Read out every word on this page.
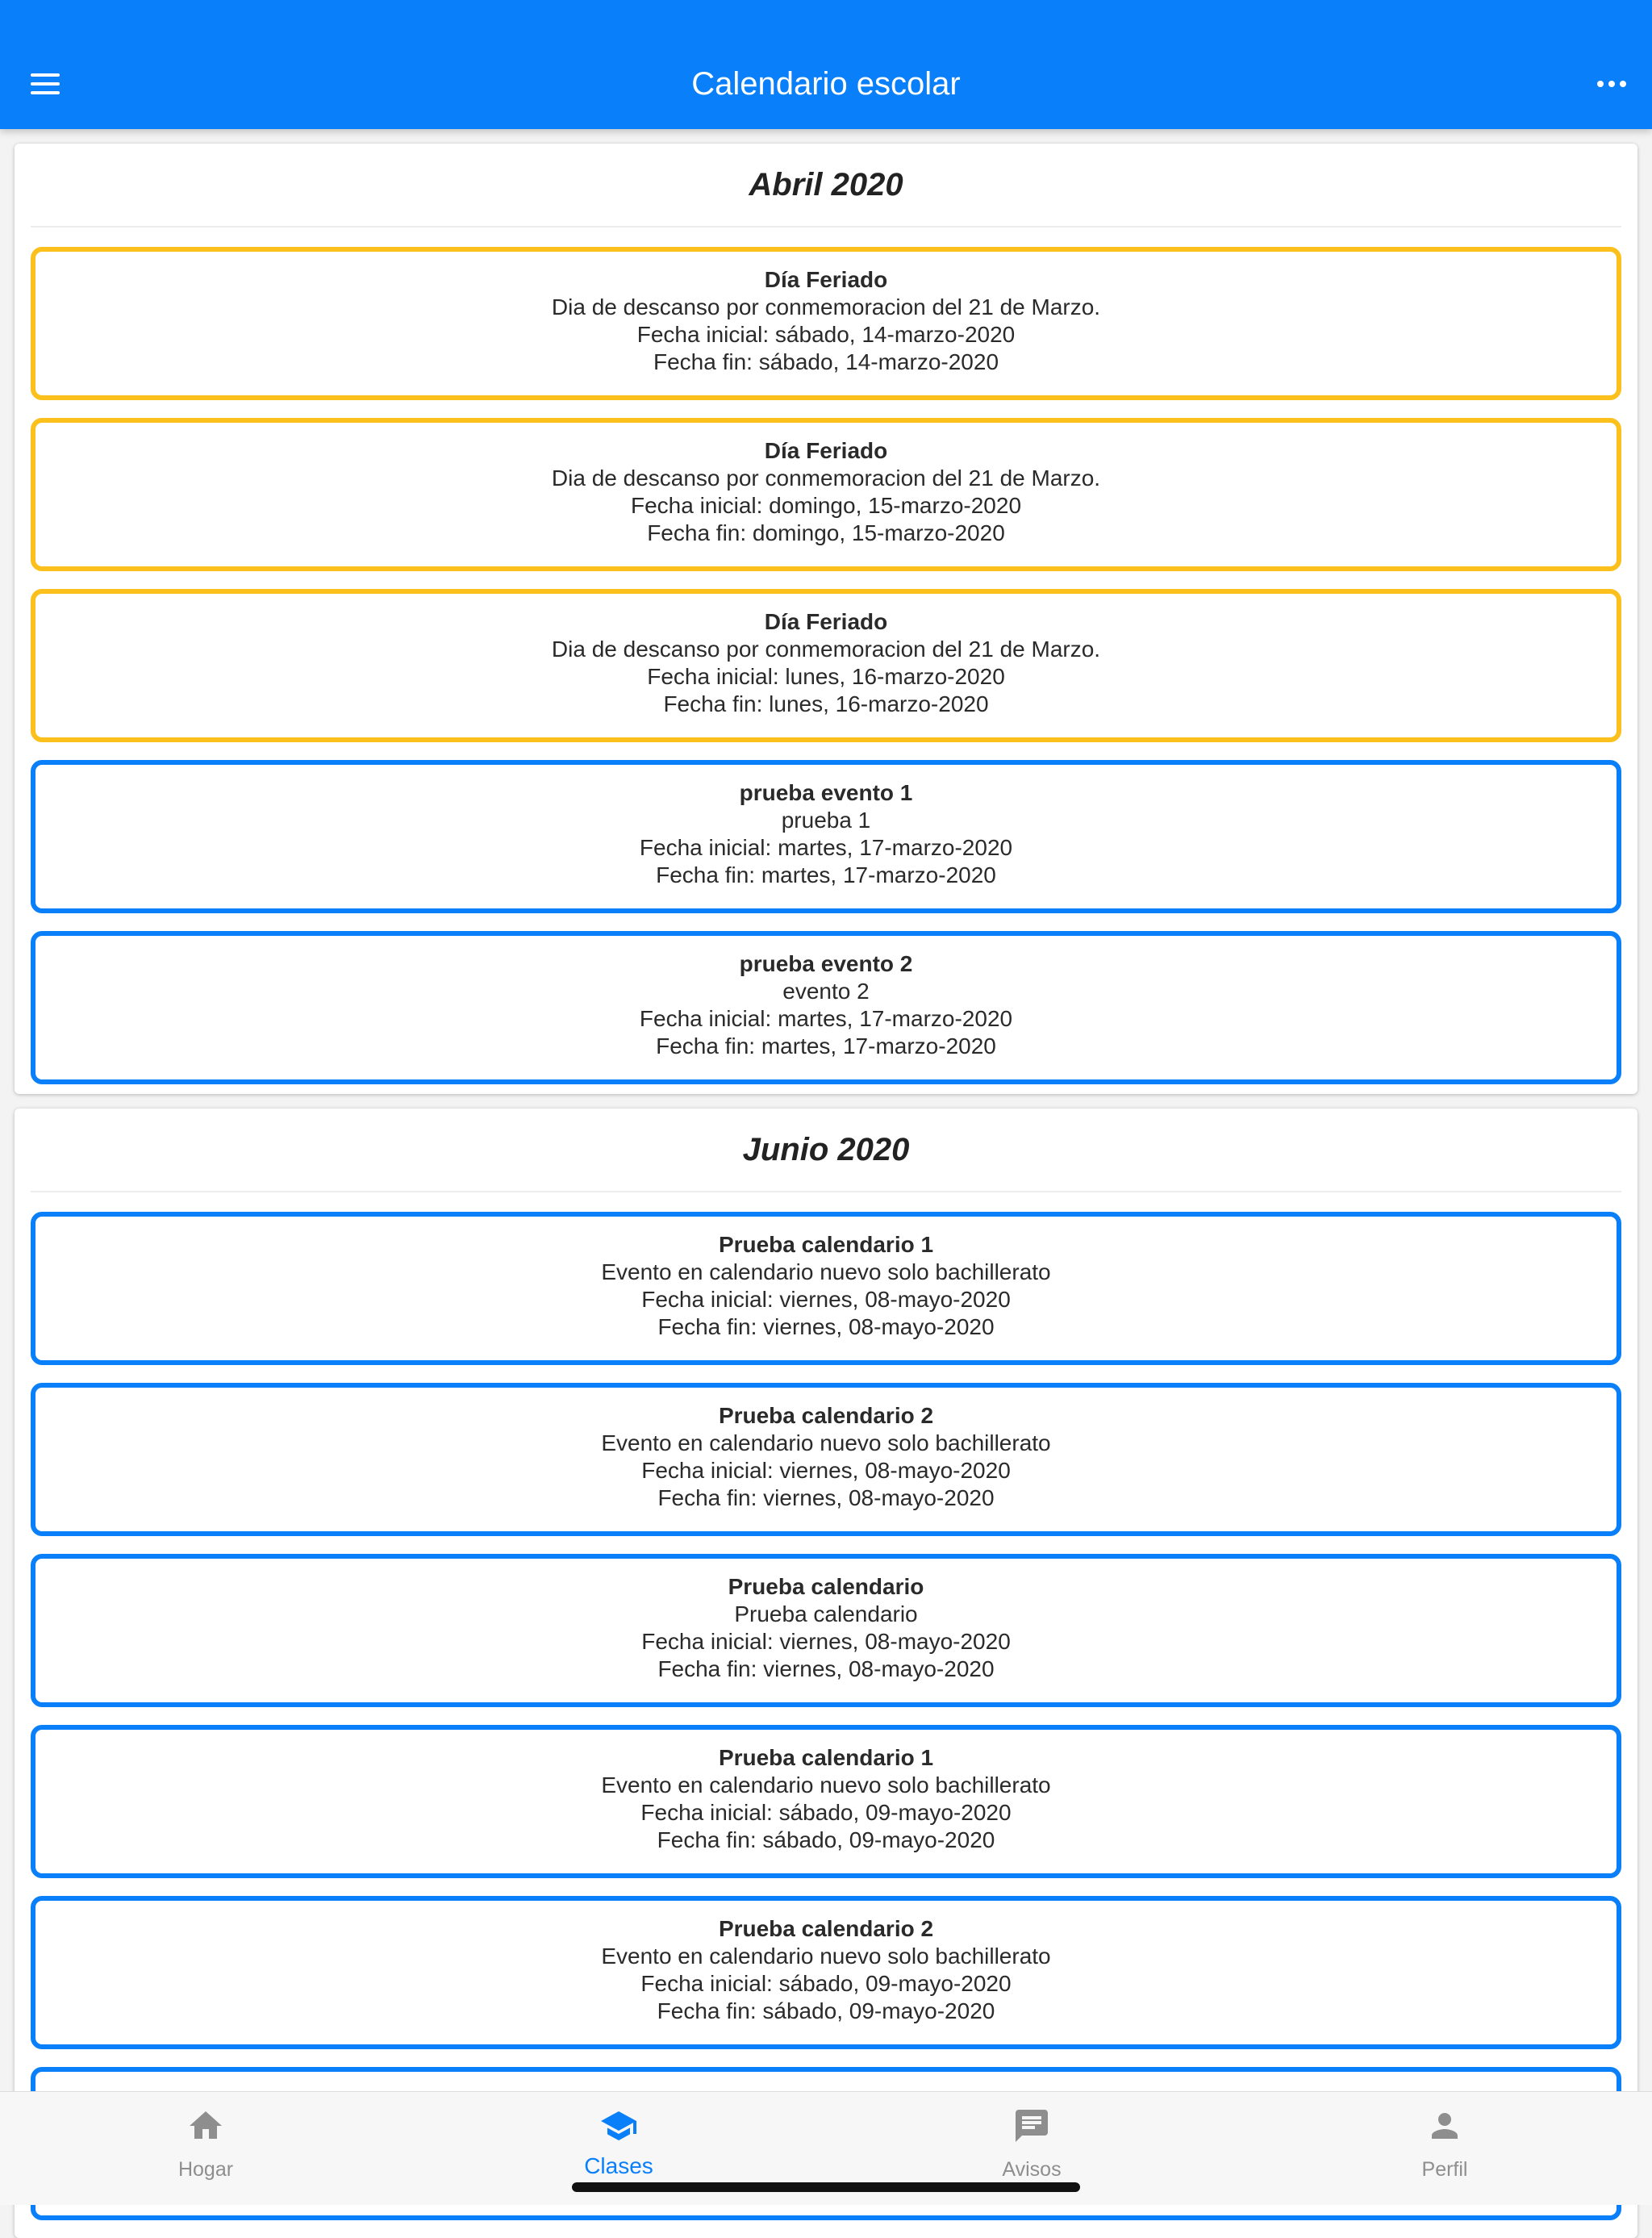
Calendario escolar
Abril 2020
Día Feriado
Dia de descanso por conmemoracion del 21 de Marzo.
Fecha inicial: sábado, 14-marzo-2020
Fecha fin: sábado, 14-marzo-2020
Día Feriado
Dia de descanso por conmemoracion del 21 de Marzo.
Fecha inicial: domingo, 15-marzo-2020
Fecha fin: domingo, 15-marzo-2020
Día Feriado
Dia de descanso por conmemoracion del 21 de Marzo.
Fecha inicial: lunes, 16-marzo-2020
Fecha fin: lunes, 16-marzo-2020
prueba evento 1
prueba 1
Fecha inicial: martes, 17-marzo-2020
Fecha fin: martes, 17-marzo-2020
prueba evento 2
evento 2
Fecha inicial: martes, 17-marzo-2020
Fecha fin: martes, 17-marzo-2020
Junio 2020
Prueba calendario 1
Evento en calendario nuevo solo bachillerato
Fecha inicial: viernes, 08-mayo-2020
Fecha fin: viernes, 08-mayo-2020
Prueba calendario 2
Evento en calendario nuevo solo bachillerato
Fecha inicial: viernes, 08-mayo-2020
Fecha fin: viernes, 08-mayo-2020
Prueba calendario
Prueba calendario
Fecha inicial: viernes, 08-mayo-2020
Fecha fin: viernes, 08-mayo-2020
Prueba calendario 1
Evento en calendario nuevo solo bachillerato
Fecha inicial: sábado, 09-mayo-2020
Fecha fin: sábado, 09-mayo-2020
Prueba calendario 2
Evento en calendario nuevo solo bachillerato
Fecha inicial: sábado, 09-mayo-2020
Fecha fin: sábado, 09-mayo-2020
Hogar	Clases	Avisos	Perfil
